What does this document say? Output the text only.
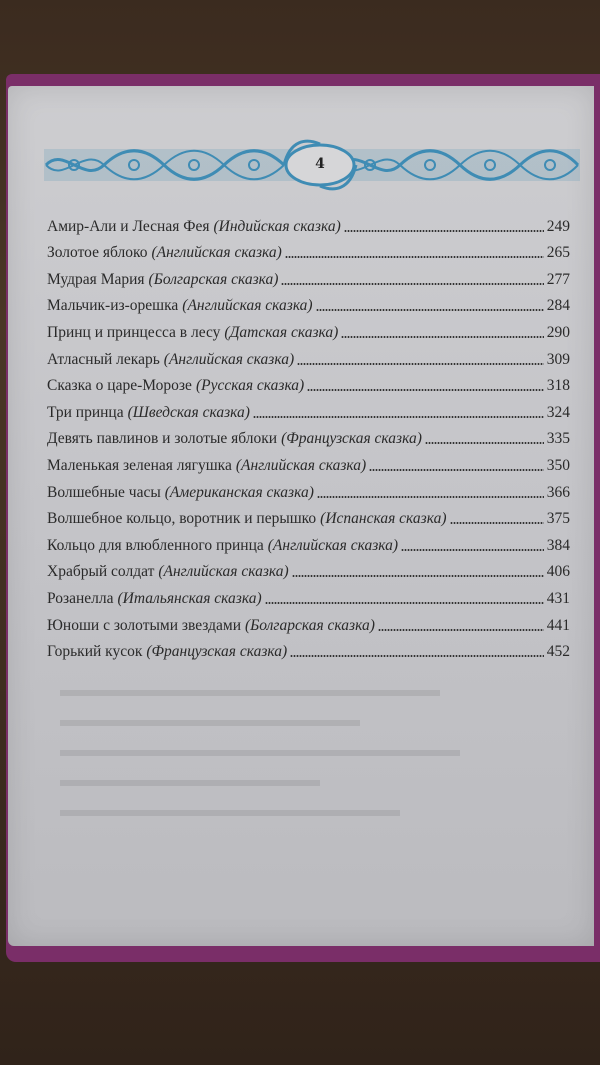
4
Амир-Али и Лесная Фея (Индийская сказка)	249
Золотое яблоко (Английская сказка)	265
Мудрая Мария (Болгарская сказка)	277
Мальчик-из-орешка (Английская сказка)	284
Принц и принцесса в лесу (Датская сказка)	290
Атласный лекарь (Английская сказка)	309
Сказка о царе-Морозе (Русская сказка)	318
Три принца (Шведская сказка)	324
Девять павлинов и золотые яблоки (Французская сказка)	335
Маленькая зеленая лягушка (Английская сказка)	350
Волшебные часы (Американская сказка)	366
Волшебное кольцо, воротник и перышко (Испанская сказка)	375
Кольцо для влюбленного принца (Английская сказка)	384
Храбрый солдат (Английская сказка)	406
Розанелла (Итальянская сказка)	431
Юноши с золотыми звездами (Болгарская сказка)	441
Горький кусок (Французская сказка)	452
